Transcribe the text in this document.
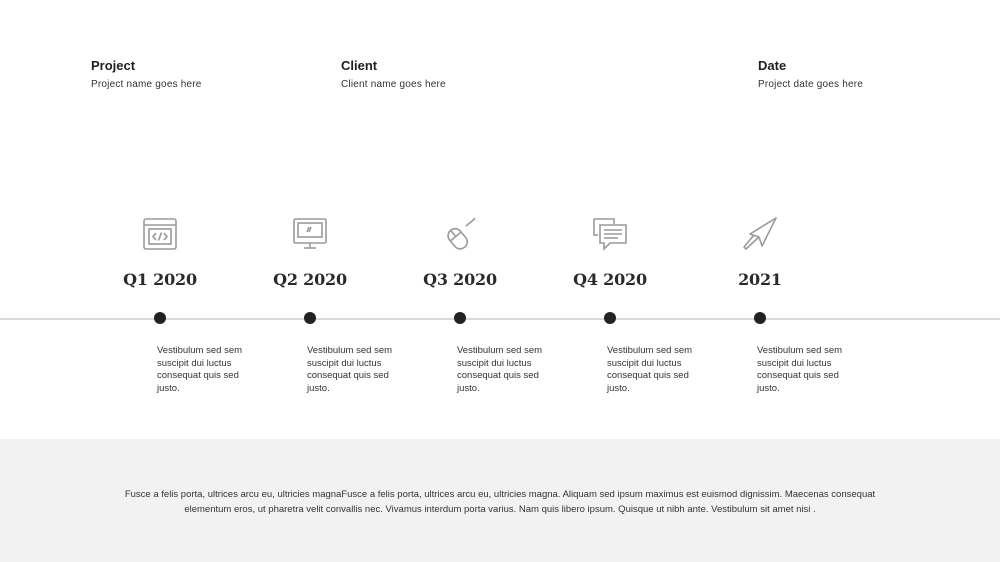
Project
Project name goes here
Client
Client name goes here
Date
Project date goes here
Q1 2020
Vestibulum sed sem suscipit dui luctus consequat quis sed justo.
Q2 2020
Vestibulum sed sem suscipit dui luctus consequat quis sed justo.
Q3 2020
Vestibulum sed sem suscipit dui luctus consequat quis sed justo.
Q4 2020
Vestibulum sed sem suscipit dui luctus consequat quis sed justo.
2021
Vestibulum sed sem suscipit dui luctus consequat quis sed justo.
Fusce a felis porta, ultrices arcu eu, ultricies magnaFusce a felis porta, ultrices arcu eu, ultricies magna. Aliquam sed ipsum maximus est euismod dignissim. Maecenas consequat elementum eros, ut pharetra velit convallis nec. Vivamus interdum porta varius. Nam quis libero ipsum. Quisque ut nibh ante. Vestibulum sit amet nisi .
